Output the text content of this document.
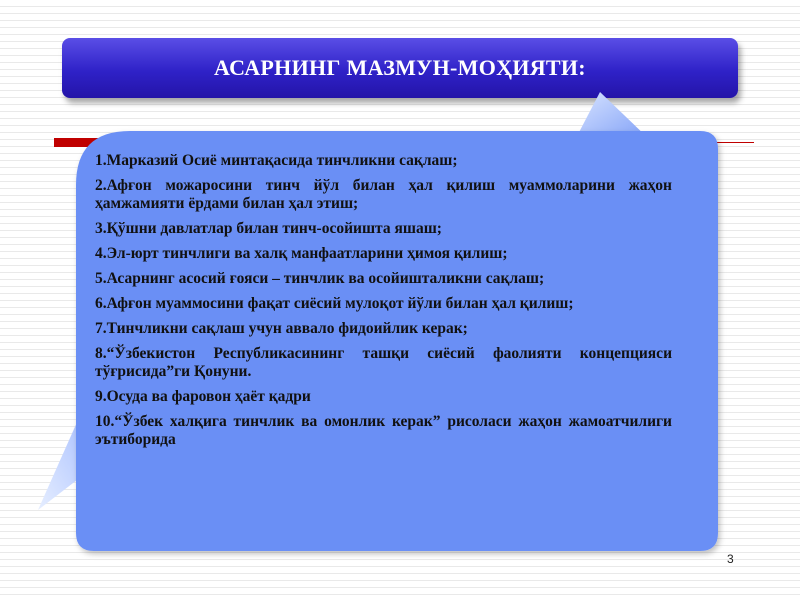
АСАРНИНГ МАЗМУН-МОҲИЯТИ:
1.Марказий Осиё минтақасида тинчликни сақлаш;
2.Афғон можаросини тинч йўл билан ҳал қилиш муаммоларини жаҳон ҳамжамияти ёрдами билан ҳал этиш;
3.Қўшни давлатлар билан тинч-осойишта яшаш;
4.Эл-юрт тинчлиги ва халқ манфаатларини ҳимоя қилиш;
5.Асарнинг асосий ғояси – тинчлик ва осойишталикни сақлаш;
6.Афғон муаммосини фақат сиёсий мулоқот йўли билан ҳал қилиш;
7.Тинчликни сақлаш учун аввало фидоийлик керак;
8.“Ўзбекистон Республикасининг ташқи сиёсий фаолияти концепцияси тўғрисида”ги Қонуни.
9.Осуда ва фаровон ҳаёт қадри
10.“Ўзбек халқига тинчлик ва омонлик керак” рисоласи жаҳон жамоатчилиги эътиборида
3
